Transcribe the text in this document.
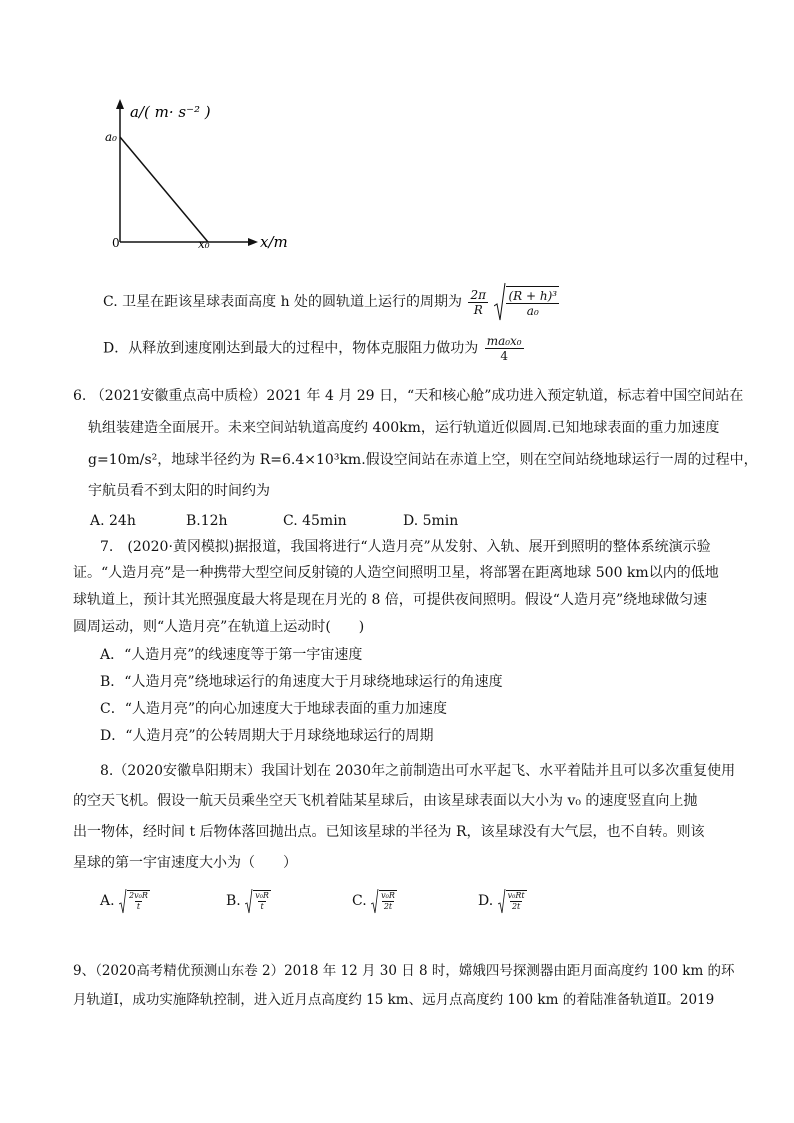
a/( m· s⁻² )
a₀
0	x₀	x/m
C. 卫星在距该星球表面高度 h 处的圆轨道上运行的周期为 $\frac{2\pi}{R}$
$\frac{\text{(R + h)³}}{\text{a₀}}$
D．从释放到速度刚达到最大的过程中，物体克服阻力做功为 $\frac{\text{ma₀x₀}}{4}$
6. （2021安徽重点高中质检）2021 年 4 月 29 日，“天和核心舱”成功进入预定轨道，标志着中国空间站在
轨组装建造全面展开。未来空间站轨道高度约 400km，运行轨道近似圆周.已知地球表面的重力加速度
g=10m/s²，地球半径约为 R=6.4×10³km.假设空间站在赤道上空，则在空间站绕地球运行一周的过程中，
宇航员看不到太阳的时间约为
A. 24h	B.12h	C. 45min	D. 5min
7.　(2020·黄冈模拟)据报道，我国将进行“人造月亮”从发射、入轨、展开到照明的整体系统演示验
证。“人造月亮”是一种携带大型空间反射镜的人造空间照明卫星，将部署在距离地球 500 km以内的低地
球轨道上，预计其光照强度最大将是现在月光的 8 倍，可提供夜间照明。假设“人造月亮”绕地球做匀速
圆周运动，则“人造月亮”在轨道上运动时(　　)
A．“人造月亮”的线速度等于第一宇宙速度
B．“人造月亮”绕地球运行的角速度大于月球绕地球运行的角速度
C．“人造月亮”的向心加速度大于地球表面的重力加速度
D．“人造月亮”的公转周期大于月球绕地球运行的周期
8.（2020安徽阜阳期末）我国计划在 2030年之前制造出可水平起飞、水平着陆并且可以多次重复使用
的空天飞机。假设一航天员乘坐空天飞机着陆某星球后，由该星球表面以大小为 v₀ 的速度竖直向上抛
出一物体，经时间 t 后物体落回抛出点。已知该星球的半径为 R，该星球没有大气层，也不自转。则该
星球的第一宇宙速度大小为（　　）
A. $\frac{\text{2v₀R}}{t}$	B. $\frac{\text{v₀R}}{t}$	C. $\frac{\text{v₀R}}{2t}$	D. $\frac{\text{v₀Rt}}{2t}$
9、（2020高考精优预测山东卷 2）2018 年 12 月 30 日 8 时，嫦娥四号探测器由距月面高度约 100 km 的环
月轨道Ⅰ，成功实施降轨控制，进入近月点高度约 15 km、远月点高度约 100 km 的着陆准备轨道Ⅱ。2019
